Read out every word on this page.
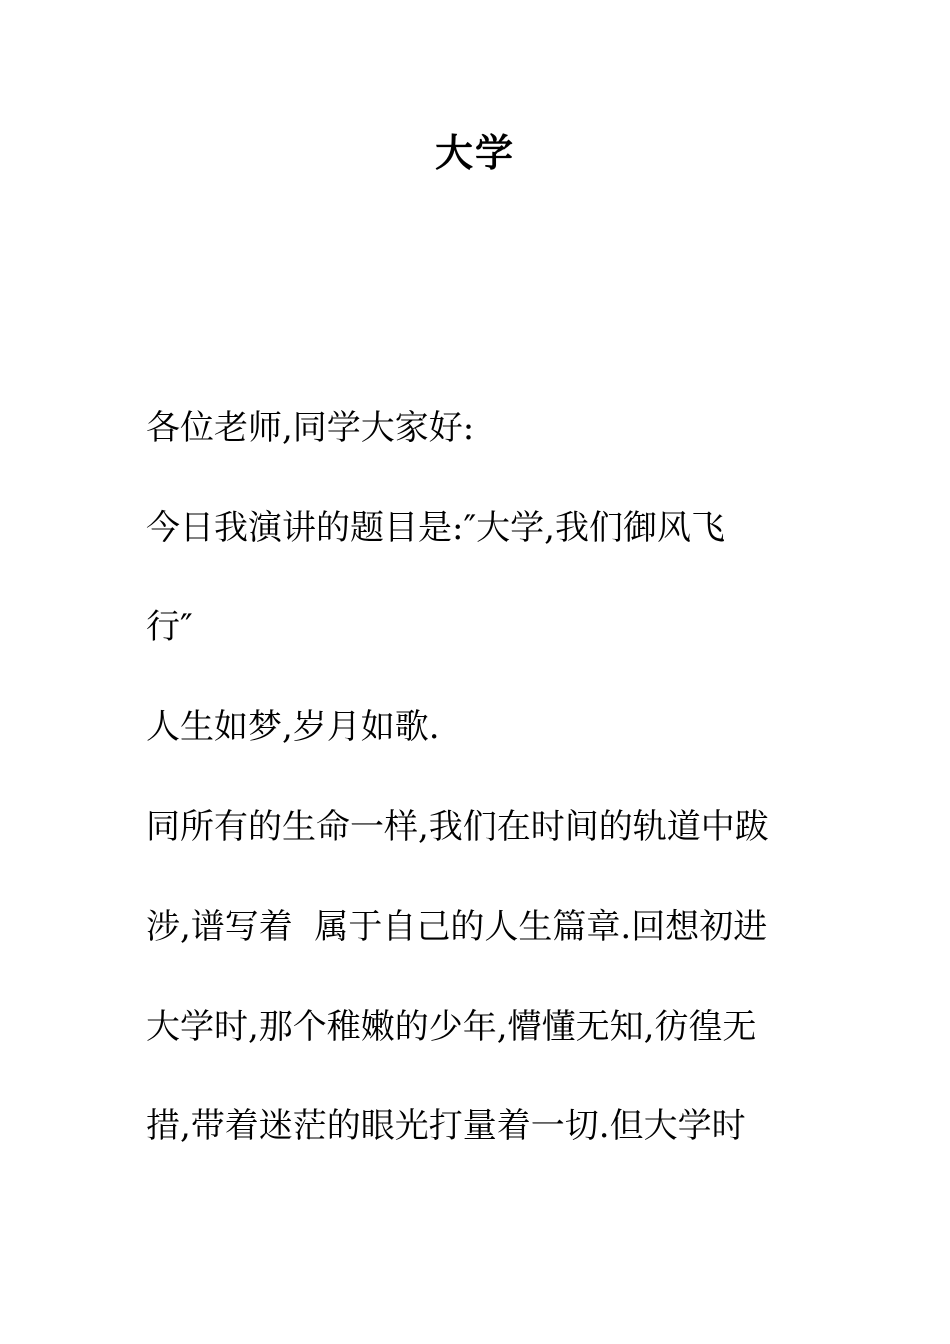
大学

各位老师,同学大家好:

今日我演讲的题目是:″大学,我们御风飞

行″

人生如梦,岁月如歌.

同所有的生命一样,我们在时间的轨道中跋

涉,谱写着  属于自己的人生篇章.回想初进

大学时,那个稚嫩的少年,懵懂无知,彷徨无

措,带着迷茫的眼光打量着一切.但大学时
